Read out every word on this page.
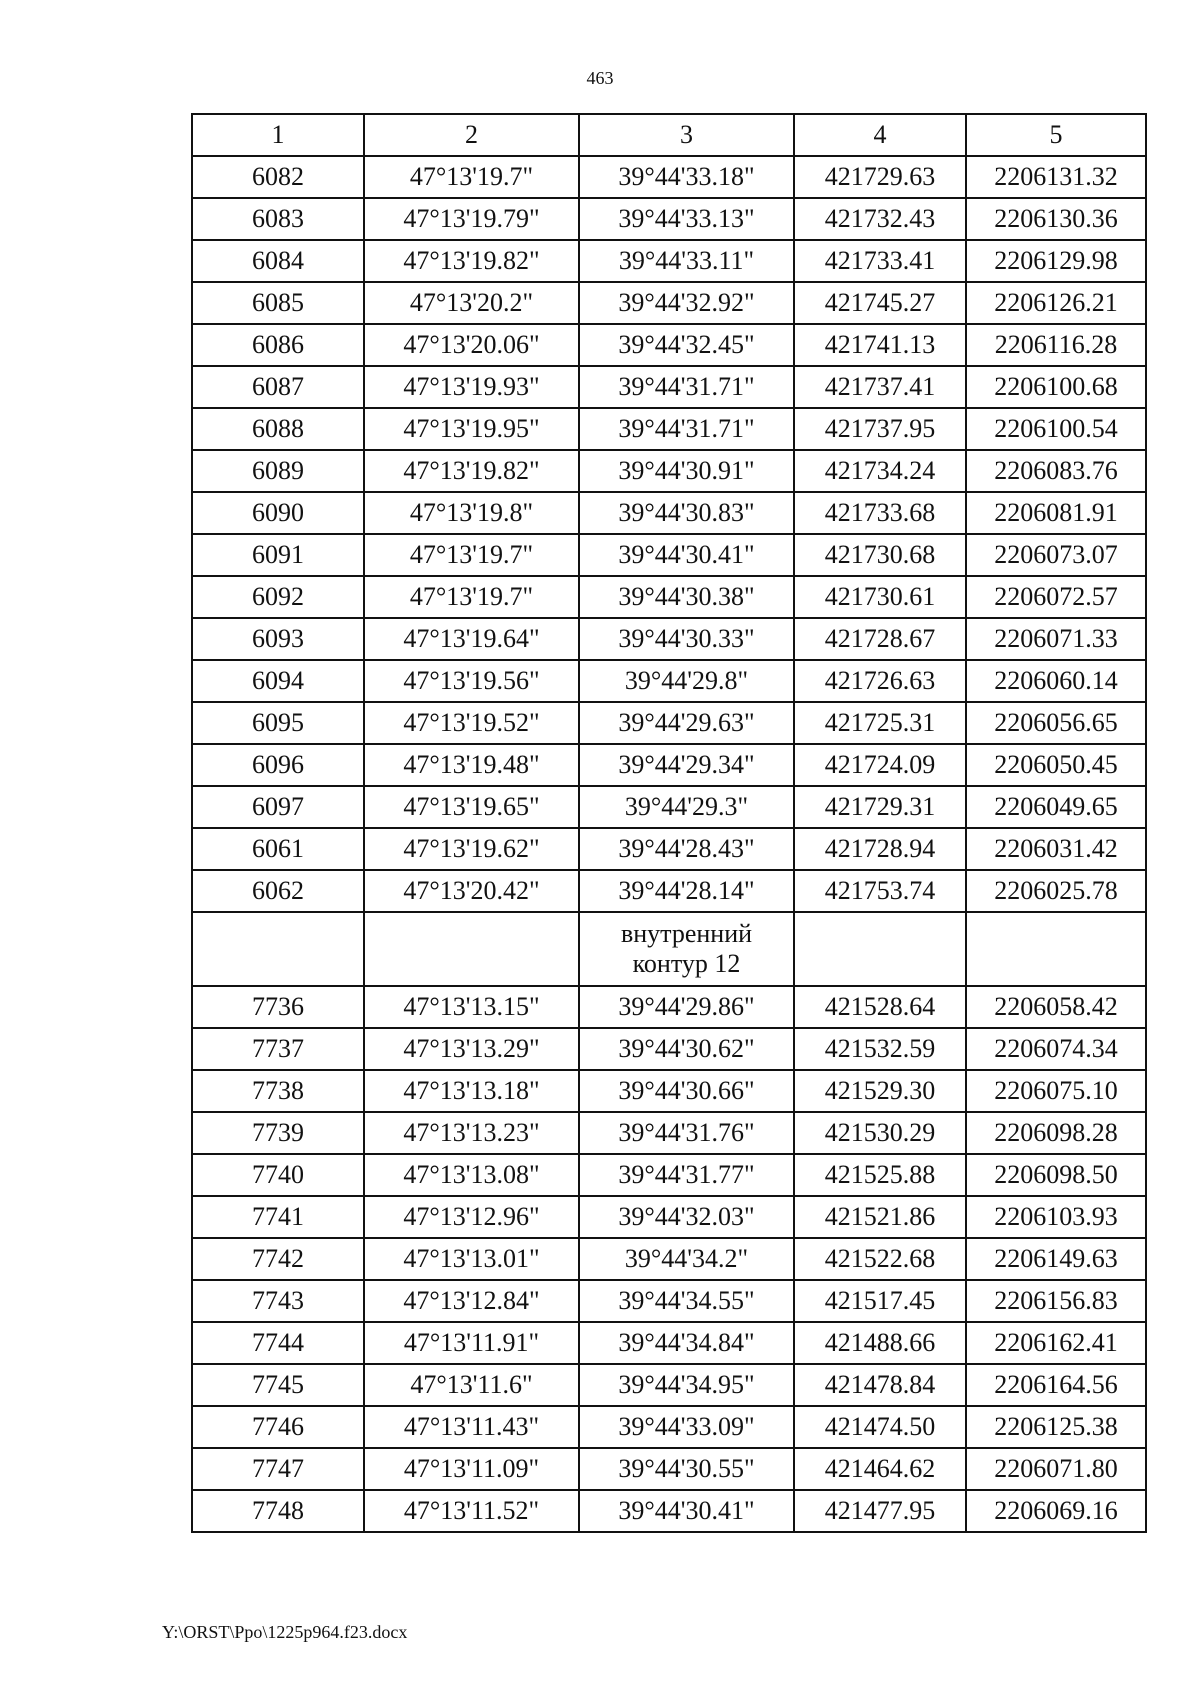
463
1	2	3	4	5
6082	47°13'19.7"	39°44'33.18"	421729.63	2206131.32
6083	47°13'19.79"	39°44'33.13"	421732.43	2206130.36
6084	47°13'19.82"	39°44'33.11"	421733.41	2206129.98
6085	47°13'20.2"	39°44'32.92"	421745.27	2206126.21
6086	47°13'20.06"	39°44'32.45"	421741.13	2206116.28
6087	47°13'19.93"	39°44'31.71"	421737.41	2206100.68
6088	47°13'19.95"	39°44'31.71"	421737.95	2206100.54
6089	47°13'19.82"	39°44'30.91"	421734.24	2206083.76
6090	47°13'19.8"	39°44'30.83"	421733.68	2206081.91
6091	47°13'19.7"	39°44'30.41"	421730.68	2206073.07
6092	47°13'19.7"	39°44'30.38"	421730.61	2206072.57
6093	47°13'19.64"	39°44'30.33"	421728.67	2206071.33
6094	47°13'19.56"	39°44'29.8"	421726.63	2206060.14
6095	47°13'19.52"	39°44'29.63"	421725.31	2206056.65
6096	47°13'19.48"	39°44'29.34"	421724.09	2206050.45
6097	47°13'19.65"	39°44'29.3"	421729.31	2206049.65
6061	47°13'19.62"	39°44'28.43"	421728.94	2206031.42
6062	47°13'20.42"	39°44'28.14"	421753.74	2206025.78
		внутренний
контур 12		
7736	47°13'13.15"	39°44'29.86"	421528.64	2206058.42
7737	47°13'13.29"	39°44'30.62"	421532.59	2206074.34
7738	47°13'13.18"	39°44'30.66"	421529.30	2206075.10
7739	47°13'13.23"	39°44'31.76"	421530.29	2206098.28
7740	47°13'13.08"	39°44'31.77"	421525.88	2206098.50
7741	47°13'12.96"	39°44'32.03"	421521.86	2206103.93
7742	47°13'13.01"	39°44'34.2"	421522.68	2206149.63
7743	47°13'12.84"	39°44'34.55"	421517.45	2206156.83
7744	47°13'11.91"	39°44'34.84"	421488.66	2206162.41
7745	47°13'11.6"	39°44'34.95"	421478.84	2206164.56
7746	47°13'11.43"	39°44'33.09"	421474.50	2206125.38
7747	47°13'11.09"	39°44'30.55"	421464.62	2206071.80
7748	47°13'11.52"	39°44'30.41"	421477.95	2206069.16
Y:\ORST\Ppo\1225p964.f23.docx
